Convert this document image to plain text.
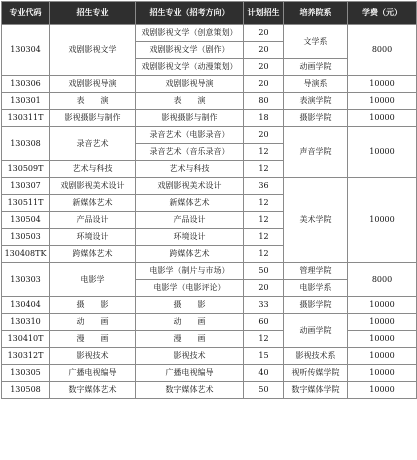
专业代码	招生专业	招生专业（招考方向）	计划招生	培养院系	学费（元）
130304	戏剧影视文学	戏剧影视文学（创意策划）	20	文学系	8000
		戏剧影视文学（剧作）	20		
		戏剧影视文学（动漫策划）	20	动画学院	
130306	戏剧影视导演	戏剧影视导演	20	导演系	10000
130301	表　　演	表　　演	80	表演学院	10000
130311T	影视摄影与制作	影视摄影与制作	18	摄影学院	10000
130308	录音艺术	录音艺术（电影录音）	20	声音学院	10000
		录音艺术（音乐录音）	12		
130509T	艺术与科技	艺术与科技	12		
130307	戏剧影视美术设计	戏剧影视美术设计	36	美术学院	10000
130511T	新媒体艺术	新媒体艺术	12		
130504	产品设计	产品设计	12		
130503	环境设计	环境设计	12		
130408TK	跨媒体艺术	跨媒体艺术	12		
130303	电影学	电影学（制片与市场）	50	管理学院	8000
		电影学（电影评论）	20	电影学系	
130404	摄　　影	摄　　影	33	摄影学院	10000
130310	动　　画	动　　画	60	动画学院	10000
130410T	漫　　画	漫　　画	12		10000
130312T	影视技术	影视技术	15	影视技术系	10000
130305	广播电视编导	广播电视编导	40	视听传媒学院	10000
130508	数字媒体艺术	数字媒体艺术	50	数字媒体学院	10000
